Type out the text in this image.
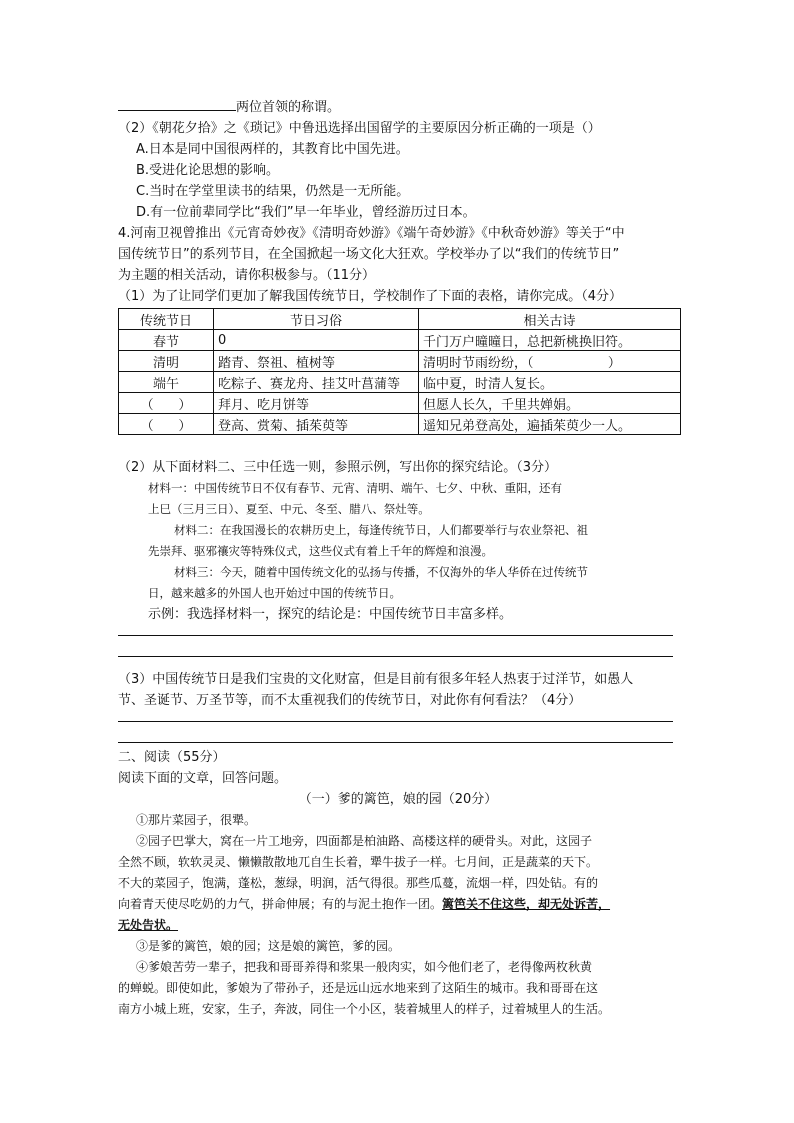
两位首领的称谓。
（2）《朝花夕拾》之《琐记》中鲁迅选择出国留学的主要原因分析正确的一项是（）
A.日本是同中国很两样的，其教育比中国先进。
B.受进化论思想的影响。
C.当时在学堂里读书的结果，仍然是一无所能。
D.有一位前辈同学比“我们”早一年毕业，曾经游历过日本。
4.河南卫视曾推出《元宵奇妙夜》《清明奇妙游》《端午奇妙游》《中秋奇妙游》等关于“中
国传统节日”的系列节目，在全国掀起一场文化大狂欢。学校举办了以“我们的传统节日”
为主题的相关活动，请你积极参与。（11分）
（1）为了让同学们更加了解我国传统节日，学校制作了下面的表格，请你完成。（4分）
传统节日	节日习俗	相关古诗
春节	0	千门万户曈曈日，总把新桃换旧符。
清明	踏青、祭祖、植树等	清明时节雨纷纷，（                  ）
端午	吃粽子、赛龙舟、挂艾叶菖蒲等	临中夏，时清人复长。
（      ）	拜月、吃月饼等	但愿人长久，千里共婵娟。
（      ）	登高、赏菊、插茱萸等	遥知兄弟登高处，遍插茱萸少一人。
（2）从下面材料二、三中任选一则，参照示例，写出你的探究结论。（3分）
材料一：中国传统节日不仅有春节、元宵、清明、端午、七夕、中秋、重阳，还有
上巳（三月三日）、夏至、中元、冬至、腊八、祭灶等。
材料二：在我国漫长的农耕历史上，每逢传统节日，人们都要举行与农业祭祀、祖
先崇拜、驱邪禳灾等特殊仪式，这些仪式有着上千年的辉煌和浪漫。
材料三：今天，随着中国传统文化的弘扬与传播，不仅海外的华人华侨在过传统节
日，越来越多的外国人也开始过中国的传统节日。
示例：我选择材料一，探究的结论是：中国传统节日丰富多样。
（3）中国传统节日是我们宝贵的文化财富，但是目前有很多年轻人热衷于过洋节，如愚人
节、圣诞节、万圣节等，而不太重视我们的传统节日，对此你有何看法？（4分）
二、阅读（55分）
阅读下面的文章，回答问题。
（一）爹的篱笆，娘的园（20分）
①那片菜园子，很犟。
②园子巴掌大，窝在一片工地旁，四面都是柏油路、高楼这样的硬骨头。对此，这园子
全然不顾，软软灵灵、懒懒散散地兀自生长着，犟牛拔子一样。七月间，正是蔬菜的天下。
不大的菜园子，饱满，蓬松，葱绿，明润，活气得很。那些瓜蔓，流烟一样，四处钻。有的
向着青天使尽吃奶的力气，拼命伸展；有的与泥土抱作一团。篱笆关不住这些，却无处诉苦，
无处告状。
③是爹的篱笆，娘的园；这是娘的篱笆，爹的园。
④爹娘苦劳一辈子，把我和哥哥养得和浆果一般肉实，如今他们老了，老得像两枚秋黄
的蝉蜕。即使如此，爹娘为了带孙子，还是远山远水地来到了这陌生的城市。我和哥哥在这
南方小城上班，安家，生子，奔波，同住一个小区，装着城里人的样子，过着城里人的生活。
